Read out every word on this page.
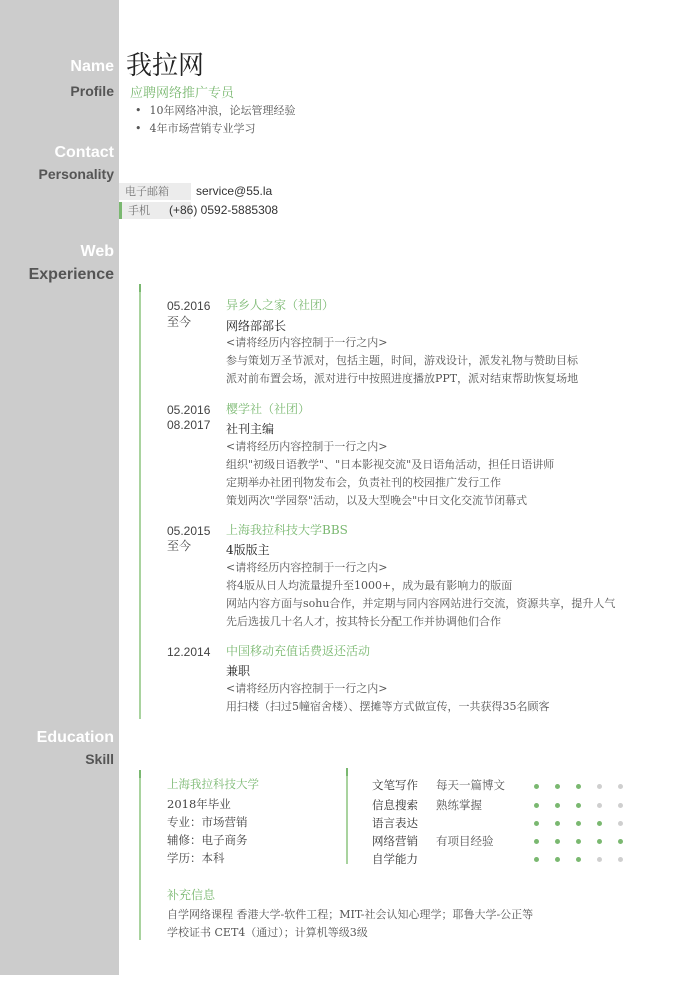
Name
Profile
Contact
Personality
Web
Experience
Education
Skill
我拉网
应聘网络推广专员
• 10年网络冲浪，论坛管理经验
• 4年市场营销专业学习
电子邮箱	service@55.la
手机	(+86) 0592-5885308
05.2016
至今
异乡人之家（社团）
网络部部长
<请将经历内容控制于一行之内>
参与策划万圣节派对，包括主题，时间，游戏设计，派发礼物与赞助目标
派对前布置会场，派对进行中按照进度播放PPT，派对结束帮助恢复场地
05.2016
08.2017
樱学社（社团）
社刊主编
<请将经历内容控制于一行之内>
组织"初级日语教学"、"日本影视交流"及日语角活动，担任日语讲师
定期举办社团刊物发布会，负责社刊的校园推广发行工作
策划两次"学园祭"活动，以及大型晚会"中日文化交流节闭幕式
05.2015
至今
上海我拉科技大学BBS
4版版主
<请将经历内容控制于一行之内>
将4版从日人均流量提升至1000+，成为最有影响力的版面
网站内容方面与sohu合作，并定期与同内容网站进行交流，资源共享，提升人气
先后选拔几十名人才，按其特长分配工作并协调他们合作
12.2014 中国移动充值话费返还活动
兼职
<请将经历内容控制于一行之内>
用扫楼（扫过5幢宿舍楼）、摆摊等方式做宣传，一共获得35名顾客
上海我拉科技大学
2018年毕业
专业：市场营销
辅修：电子商务
学历：本科
文笔写作 每天一篇博文
信息搜索 熟练掌握
语言表达
网络营销 有项目经验
自学能力
补充信息
自学网络课程 香港大学-软件工程；MIT-社会认知心理学；耶鲁大学-公正等
学校证书 CET4（通过）；计算机等级3级
